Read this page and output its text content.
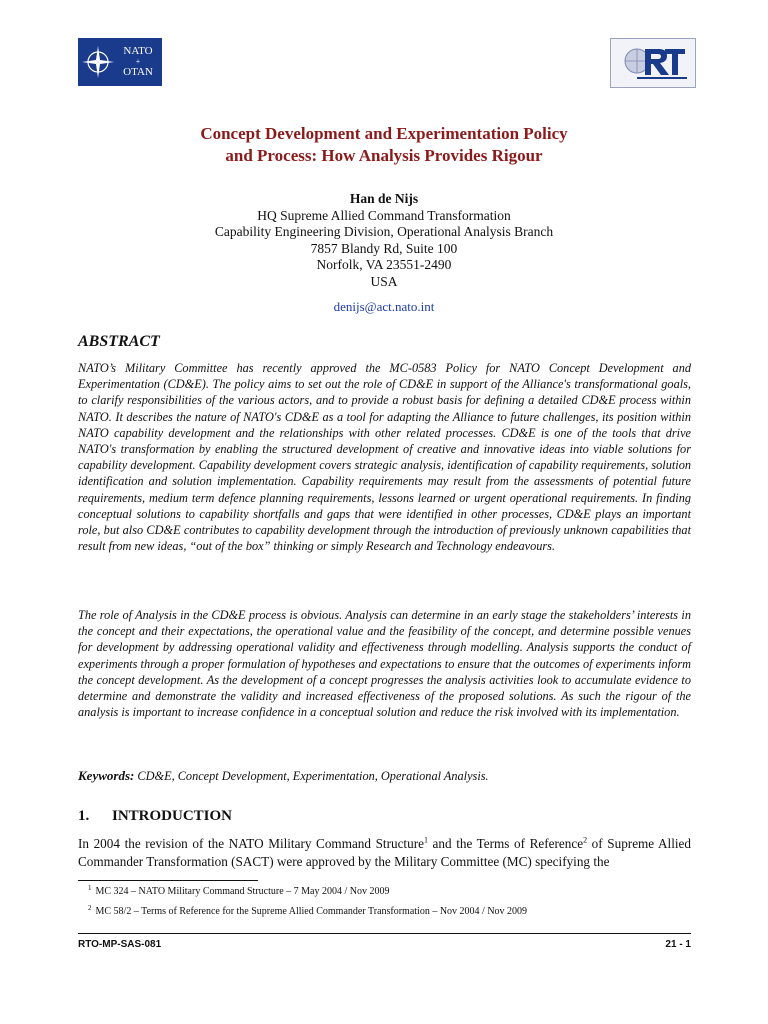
NATO
+
OTAN
Concept Development and Experimentation Policy
and Process: How Analysis Provides Rigour
Han de Nijs
HQ Supreme Allied Command Transformation
Capability Engineering Division, Operational Analysis Branch
7857 Blandy Rd, Suite 100
Norfolk, VA 23551-2490
USA
denijs@act.nato.int
ABSTRACT

NATO’s Military Committee has recently approved the MC-0583 Policy for NATO Concept Development and Experimentation (CD&E). The policy aims to set out the role of CD&E in support of the Alliance's transformational goals, to clarify responsibilities of the various actors, and to provide a robust basis for defining a detailed CD&E process within NATO. It describes the nature of NATO's CD&E as a tool for adapting the Alliance to future challenges, its position within NATO capability development and the relationships with other related processes. CD&E is one of the tools that drive NATO's transformation by enabling the structured development of creative and innovative ideas into viable solutions for capability development. Capability development covers strategic analysis, identification of capability requirements, solution identification and solution implementation. Capability requirements may result from the assessments of potential future requirements, medium term defence planning requirements, lessons learned or urgent operational requirements. In finding conceptual solutions to capability shortfalls and gaps that were identified in other processes, CD&E plays an important role, but also CD&E contributes to capability development through the introduction of previously unknown capabilities that result from new ideas, “out of the box” thinking or simply Research and Technology endeavours.

The role of Analysis in the CD&E process is obvious. Analysis can determine in an early stage the stakeholders’ interests in the concept and their expectations, the operational value and the feasibility of the concept, and determine possible venues for development by addressing operational validity and effectiveness through modelling. Analysis supports the conduct of experiments through a proper formulation of hypotheses and expectations to ensure that the outcomes of experiments inform the concept development. As the development of a concept progresses the analysis activities look to accumulate evidence to determine and demonstrate the validity and increased effectiveness of the proposed solutions. As such the rigour of the analysis is important to increase confidence in a conceptual solution and reduce the risk involved with its implementation.

Keywords: CD&E, Concept Development, Experimentation, Operational Analysis.
1. INTRODUCTION

In 2004 the revision of the NATO Military Command Structure$^1$ and the Terms of Reference$^2$ of Supreme Allied Commander Transformation (SACT) were approved by the Military Committee (MC) specifying the

$^1$ MC 324 – NATO Military Command Structure – 7 May 2004 / Nov 2009
$^2$ MC 58/2 – Terms of Reference for the Supreme Allied Commander Transformation – Nov 2004 / Nov 2009
RTO-MP-SAS-081	21 - 1
